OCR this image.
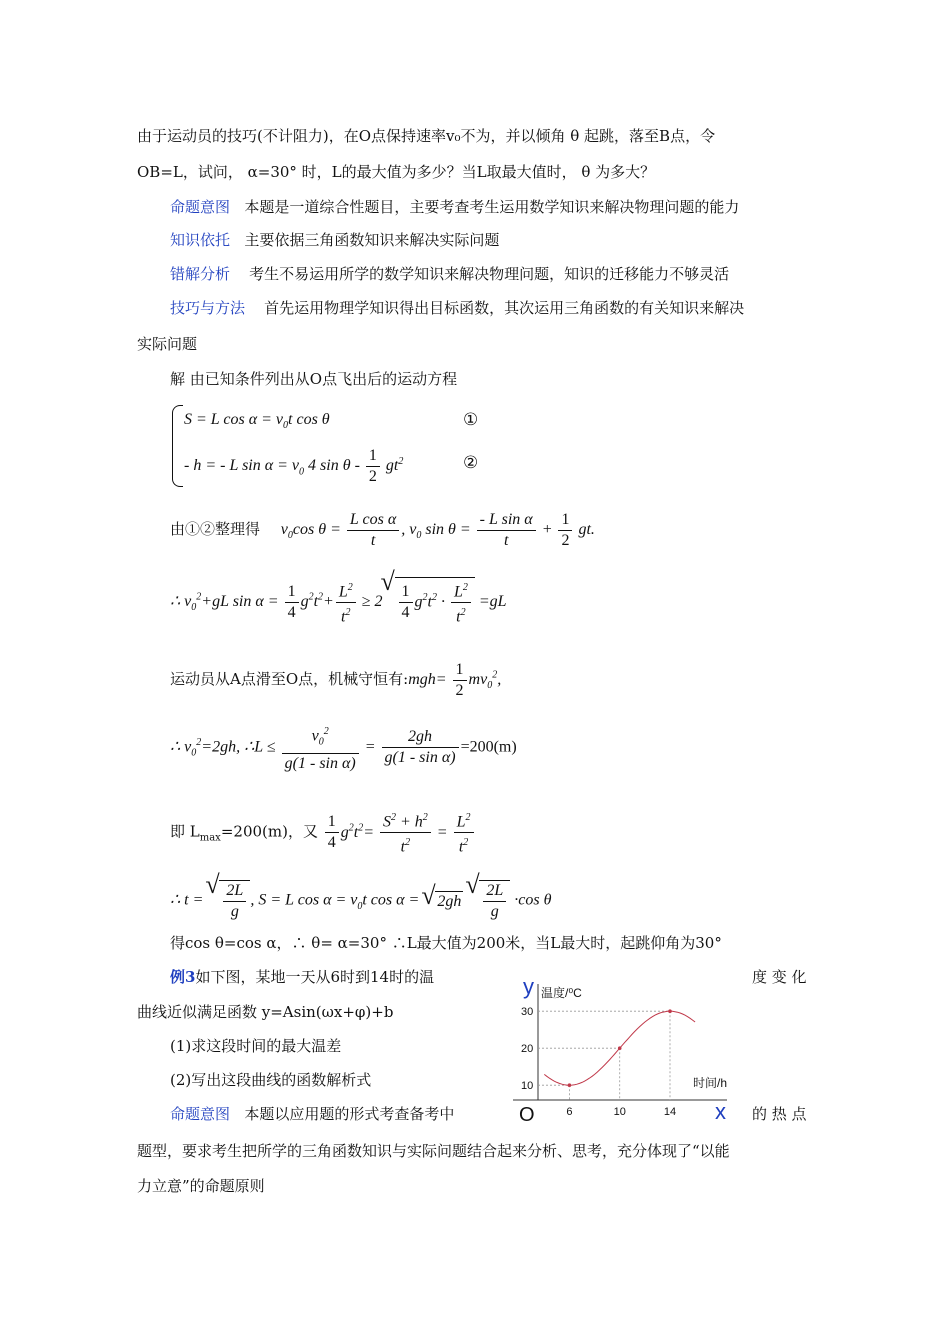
由于运动员的技巧(不计阻力)，在O点保持速率v₀不为，并以倾角 θ 起跳，落至B点，令
OB=L，试问， α=30° 时，L的最大值为多少？当L取最大值时， θ 为多大？
命题意图 本题是一道综合性题目，主要考查考生运用数学知识来解决物理问题的能力
知识依托 主要依据三角函数知识来解决实际问题
错解分析 考生不易运用所学的数学知识来解决物理问题，知识的迁移能力不够灵活
技巧与方法 首先运用物理学知识得出目标函数，其次运用三角函数的有关知识来解决
实际问题
解 由已知条件列出从O点飞出后的运动方程
S = L $\cos \alpha = v_0t$ cos θ	①
- h = - L $\sin \alpha = v_0$ 4 sin θ - $\frac{1}{2} gt^2$	②
由①②整理得 $v_0\cos$ $\theta = \frac{\text{L cos α}}{t}$ , $v_0$ $\sin \theta = \frac{\text{- L sin α}}{t} + \frac{1}{2}$ gt.
∴ $v_0^2+gL$ $\sin \alpha = \frac{1}{4} g^2t^2+ \frac{L^2}{t^2} \ge 2$ √ $\frac{1}{4} g^2t^2 \cdot \frac{L^2}{t^2} =gL$
运动员从A点滑至O点，机械守恒有:mgh= $\frac{1}{2} mv_0^2$,
∴ $v_0^2=2gh$, ∴L ≤ $\frac{v_0^2}{\text{g(1 - sin α)}} = \frac{2gh}{\text{g(1 - sin α)}} =200(m)$
即 $L_{max}=200(m)$，又 $\frac{1}{4} g^2t^2= \frac{S^2 + h^2}{t^2} = \frac{L^2}{t^2}$
∴ t = √ $\frac{2L}{g}$ , S = L $\cos \alpha = v_0t$ cos α = √ 2gh √ $\frac{2L}{g} \cdot\cos$ θ
得cos θ=cos α，∴ θ= α=30° ∴L最大值为200米，当L最大时，起跳仰角为30°
例3如下图，某地一天从6时到14时的温	度 变 化
曲线近似满足函数 y=Asin(ωx+φ)+b
(1)求这段时间的最大温差
(2)写出这段曲线的函数解析式
命题意图 本题以应用题的形式考查备考中	的 热 点
题型，要求考生把所学的三角函数知识与实际问题结合起来分析、思考，充分体现了“以能
力立意”的命题原则
10
20
30
6	10	14
y 温度/⁰C
时间/h
x
O
